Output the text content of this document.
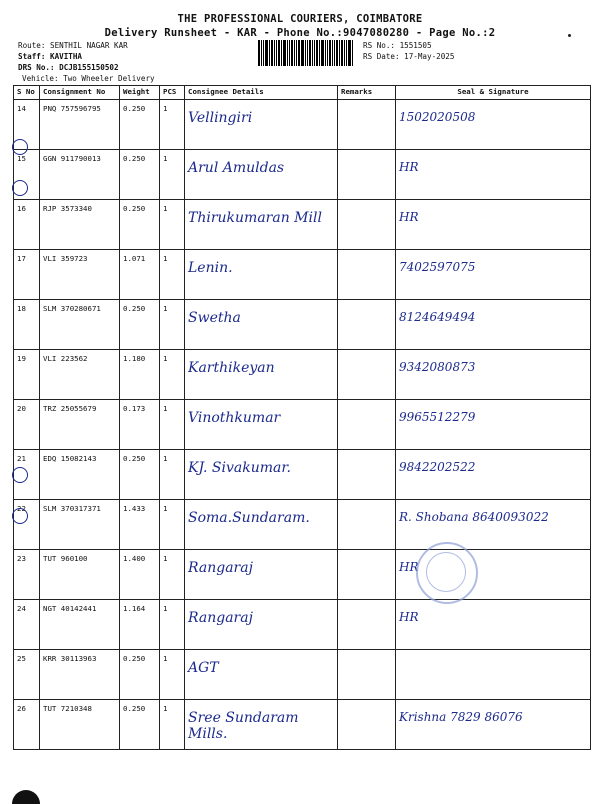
THE PROFESSIONAL COURIERS, COIMBATORE
Delivery Runsheet - KAR - Phone No.:9047080280 - Page No.:2
Route: SENTHIL NAGAR KAR
Staff: KAVITHA
DRS No.: DCJB155150502
Vehicle: Two Wheeler Delivery
RS No.: 1551505
RS Date: 17-May-2025
S No	Consignment No	Weight	PCS	Consignee Details	Remarks	Seal & Signature
14	PNQ 757596795	0.250	1	Vellingiri		1502020508
15	GGN 911790013	0.250	1	Arul Amuldas		HR
16	RJP 3573340	0.250	1	Thirukumaran Mill		HR
17	VLI 359723	1.071	1	Lenin.		7402597075
18	SLM 370280671	0.250	1	Swetha		8124649494
19	VLI 223562	1.180	1	Karthikeyan		9342080873
20	TRZ 25055679	0.173	1	Vinothkumar		9965512279
21	EDQ 15082143	0.250	1	KJ. Sivakumar.		9842202522
22	SLM 370317371	1.433	1	Soma.Sundaram.		R. Shobana 8640093022
23	TUT 960100	1.400	1	Rangaraj		HR
24	NGT 40142441	1.164	1	Rangaraj		HR
25	KRR 30113963	0.250	1	AGT		
26	TUT 7210348	0.250	1	Sree Sundaram Mills.		Krishna 7829 86076
